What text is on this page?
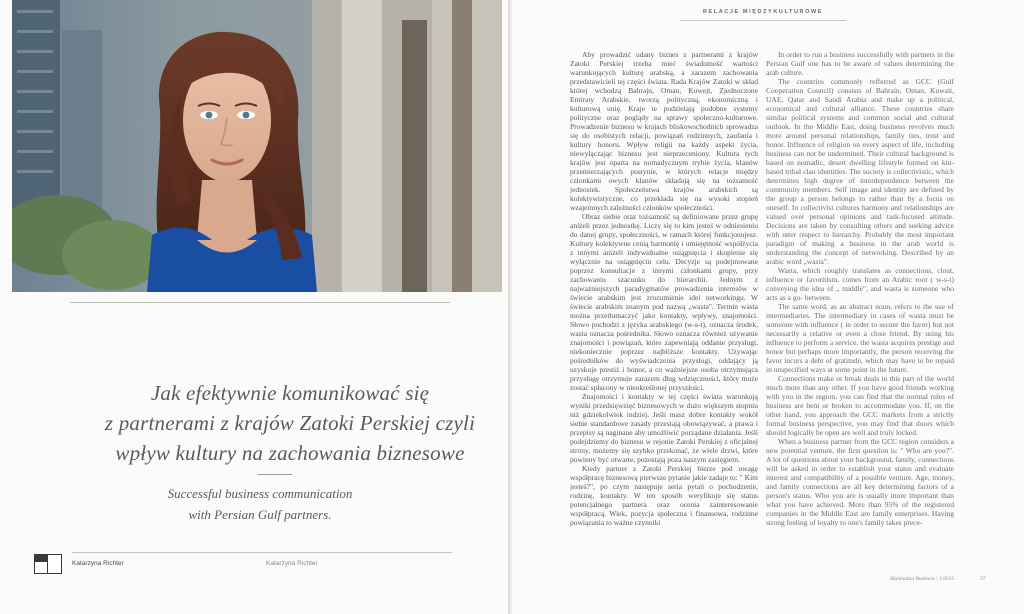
Jak efektywnie komunikować się
z partnerami z krajów Zatoki Perskiej czyli
wpływ kultury na zachowania biznesowe
Successful business communication
with Persian Gulf partners.
Katarzyna Richter	Katarzyna Richter
RELACJE MIĘDZYKULTUROWE

Aby prowadzić udany biznes z partnerami z krajów Zatoki Perskiej trzeba mieć świadomość wartości warunkujących kulturę arabską, a zarazem zachowania przedstawicieli tej części świata. Rada Krajów Zatoki w skład której wchodzą Bahrajn, Oman, Kuwejt, Zjednoczone Emiraty Arabskie, tworzą polityczną, ekonomiczną i kulturową unię. Kraje te podzielają podobne systemy polityczne oraz poglądy na sprawy społeczno-kulturowe. Prowadzenie biznesu w krajach bliskowschodnich sprowadza się do osobistych relacji, powiązań rodzinnych, zaufania i kultury honoru. Wpływ religii na każdy aspekt życia, niewyłączając biznesu jest nieprzeceniony. Kultura tych krajów jest oparta na nomadycznym trybie życia, klanów przemierzających pustynie, w których relacje między członkami owych klanów składają się na tożsamość jednostek. Społeczeństwa krajów arabskich są kolektywistyczne, co przekłada się na wysoki stopień wzajemnych zależności członków społeczności.

Obraz siebie oraz tożsamość są definiowane przez grupę aniżeli przez jednostkę. Liczy się to kim jesteś w odniesieniu do danej grupy, społeczności, w ramach której funkcjonujesz. Kultury kolektywne cenią harmonię i umiejętność współżycia z innymi aniżeli indywidualne osiągnięcia i skupienie się wyłącznie na osiągnięciu celu. Decyzje są podejmowane poprzez konsultacje z innymi członkami grupy, przy zachowaniu szacunku do hierarchii. Jednym z najważniejszych paradygmatów prowadzenia interesów w świecie arabskim jest zrozumienie idei networkingu. W świecie arabskim znanym pod nazwą „wasta". Termin wasta można przetłumaczyć jako kontakty, wpływy, znajomości. Słowo pochodzi z języka arabskiego (w-s-t), oznacza środek, wasta oznacza pośrednika. Słowo oznacza również używanie znajomości i powiązań, które zapewniają oddanie przysługi, niekoniecznie poprzez najbliższe kontakty. Używając pośredników do wyświadczenia przysługi, oddający ją uzyskuje prestiż i honor, a co ważniejsze osoba otrzymująca przysługę otrzymuje zarazem dług wdzięczności, który może zostać spłacony w nieokreślonej przyszłości.

Znajomości i kontakty w tej części świata warunkują wyniki przedsięwzięć biznesowych w dużo większym stopniu niż gdziekolwiek indziej. Jeśli masz dobre kontakty wokół siebie standardowe zasady przestają obowiązywać, a prawa i przepisy są naginane aby umożliwić porządane działania. Jeśli podejdziemy do biznesu w rejonie Zatoki Perskiej z oficjalnej strony, możemy się szybko przekonać, że wiele drzwi, które powinny być otwarte, pozostają poza naszym zasięgiem.

Kiedy partner z Zatoki Perskiej bierze pod uwagę współpracę biznesową pierwsze pytanie jakie zadaje to: " Kim jesteś?", po czym następuje seria pytań o pochodzenie, rodzinę, kontakty. W ten sposób weryfikuje się status potencjalnego partnera oraz ocenia zainteresowanie współpracą. Wiek, pozycja społeczna i finansowa, rodzinne powiązania to ważne czynniki

In order to run a business successfully with partners in the Persian Gulf one has to be aware of values determining the arab culture.

The countries commonly refferred as GCC (Gulf Cooperation Council) consists of Bahrain, Oman, Kuwait, UAE, Qatar and Saudi Arabia and make up a political, economical and cultural alliance. These countries share similar political systems and common social and cultural outlook. In the Middle East, doing business revolves much more around personal relationships, family ties, trust and honor. Influence of religion on every aspect of life, including business can not be undermined. Their cultural background is based on nomadic, desert dwelling lifestyle formed on kin-based tribal clan identities. The society is collectivistic, which determines high degree of interdependence between the community members. Self image and identity are defined by the group a person belongs to rather than by a focus on oneself. In collectivist cultures harmony and relationships are valued over personal opinions and task-focused attitude. Decisions are taken by consulting others and seeking advice with utter respect to hierarchy. Probably the most important paradigm of making a business in the arab world is understanding the concept of networking. Described by an arabic word „wasta".

Wasta, which roughly translates as connections, clout, influence or favoritism, comes from an Arabic root ( w-s-t) conveying the idea of „ middle", and wasta is someone who acts as a go- between.

The same word, as an abstract noun, refers to the use of intermediaries. The intermediary in cases of wasta must be someone with influence ( in order to secure the favor) but not necessarily a relative or even a close friend. By using his influence to perform a service, the wasta acquires prestige and honor but perhaps more importantly, the person receiving the favor incurs a debt of gratitude, which may have to be repaid in unspecified ways at some point in the future.

Connections make or break deals in this part of the world much more than any other. If you have good friends working with you in the region, you can find that the normal rules of business are bent or broken to accommodate you. If, on the other hand, you approach the GCC markets from a strictly formal business perspective, you may find that doors which should logically be open are well and truly locked.

When a business partner from the GCC region considers a new potential venture, the first question is: " Who are you?". A lot of questions about your background, family, connections will be asked in order to establish your status and evaluate interest and compatibility of a possible venture. Age, money, and family connections are all key determining factors of a person's status. Who you are is usually more important than what you have achieved. More than 95% of the registered companies in the Middle East are family enterprises. Having strong feeling of loyalty to one's family takes prece-

Manhattan Business | 1/2015	37
